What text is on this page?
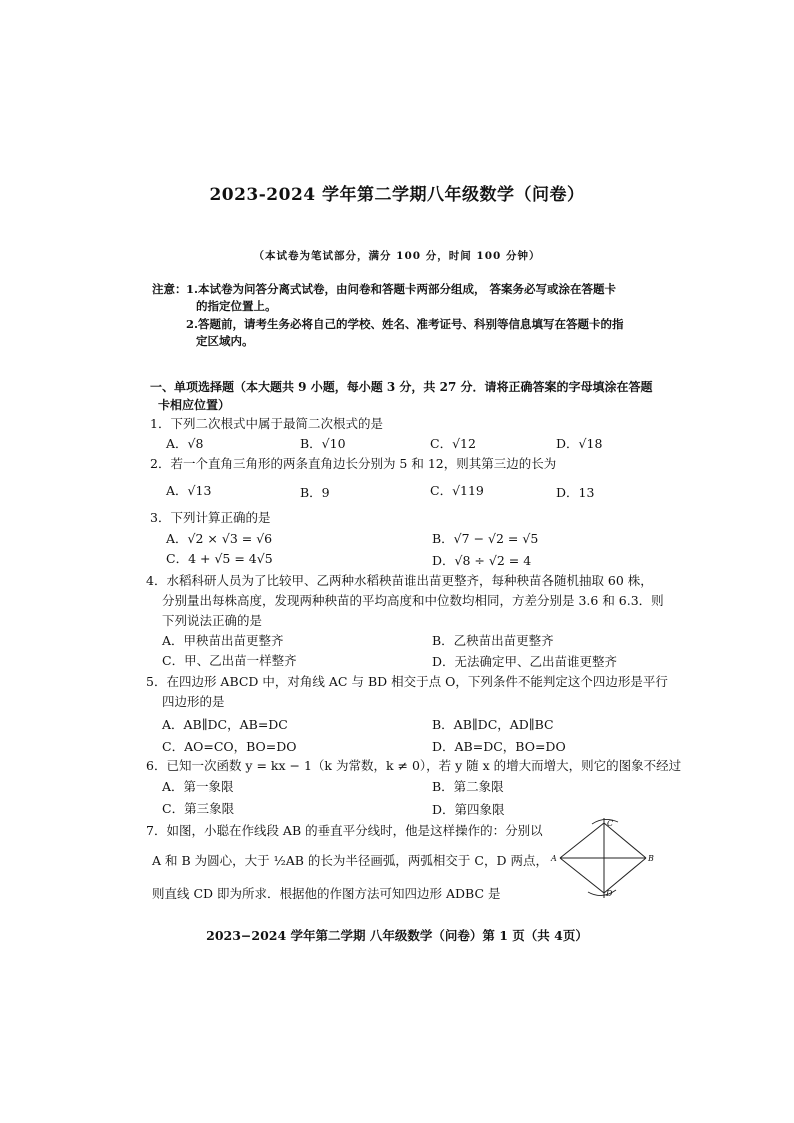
2023-2024 学年第二学期八年级数学（问卷）
（本试卷为笔试部分，满分 100 分，时间 100 分钟）
注意： 1.本试卷为问答分离式试卷，由问卷和答题卡两部分组成， 答案务必写或涂在答题卡
的指定位置上。
2.答题前，请考生务必将自己的学校、姓名、准考证号、科别等信息填写在答题卡的指
定区域内。
一、单项选择题（本大题共 9 小题，每小题 3 分，共 27 分．请将正确答案的字母填涂在答题
卡相应位置）
1．下列二次根式中属于最简二次根式的是
A．√8	B．√10	C．√12	D．√18
2．若一个直角三角形的两条直角边长分别为 5 和 12，则其第三边的长为
A．√13	B．9	C．√119	D．13
3．下列计算正确的是
A．√2 × √3 = √6	B．√7 − √2 = √5
C．4 + √5 = 4√5	D．√8 ÷ √2 = 4
4．水稻科研人员为了比较甲、乙两种水稻秧苗谁出苗更整齐，每种秧苗各随机抽取 60 株，
分别量出每株高度，发现两种秧苗的平均高度和中位数均相同，方差分别是 3.6 和 6.3．则
下列说法正确的是
A．甲秧苗出苗更整齐	B．乙秧苗出苗更整齐
C．甲、乙出苗一样整齐	D．无法确定甲、乙出苗谁更整齐
5．在四边形 ABCD 中，对角线 AC 与 BD 相交于点 O，下列条件不能判定这个四边形是平行
四边形的是
A．AB∥DC，AB=DC	B．AB∥DC，AD∥BC
C．AO=CO，BO=DO	D．AB=DC，BO=DO
6．已知一次函数 y = kx − 1（k 为常数，k ≠ 0），若 y 随 x 的增大而增大，则它的图象不经过
A．第一象限	B．第二象限
C．第三象限	D．第四象限
7．如图，小聪在作线段 AB 的垂直平分线时，他是这样操作的：分别以
A 和 B 为圆心，大于 ½AB 的长为半径画弧，两弧相交于 C，D 两点，
则直线 CD 即为所求．根据他的作图方法可知四边形 ADBC 是
A	B
C
D
2023−2024 学年第二学期 八年级数学（问卷）第 1 页（共 4页）
